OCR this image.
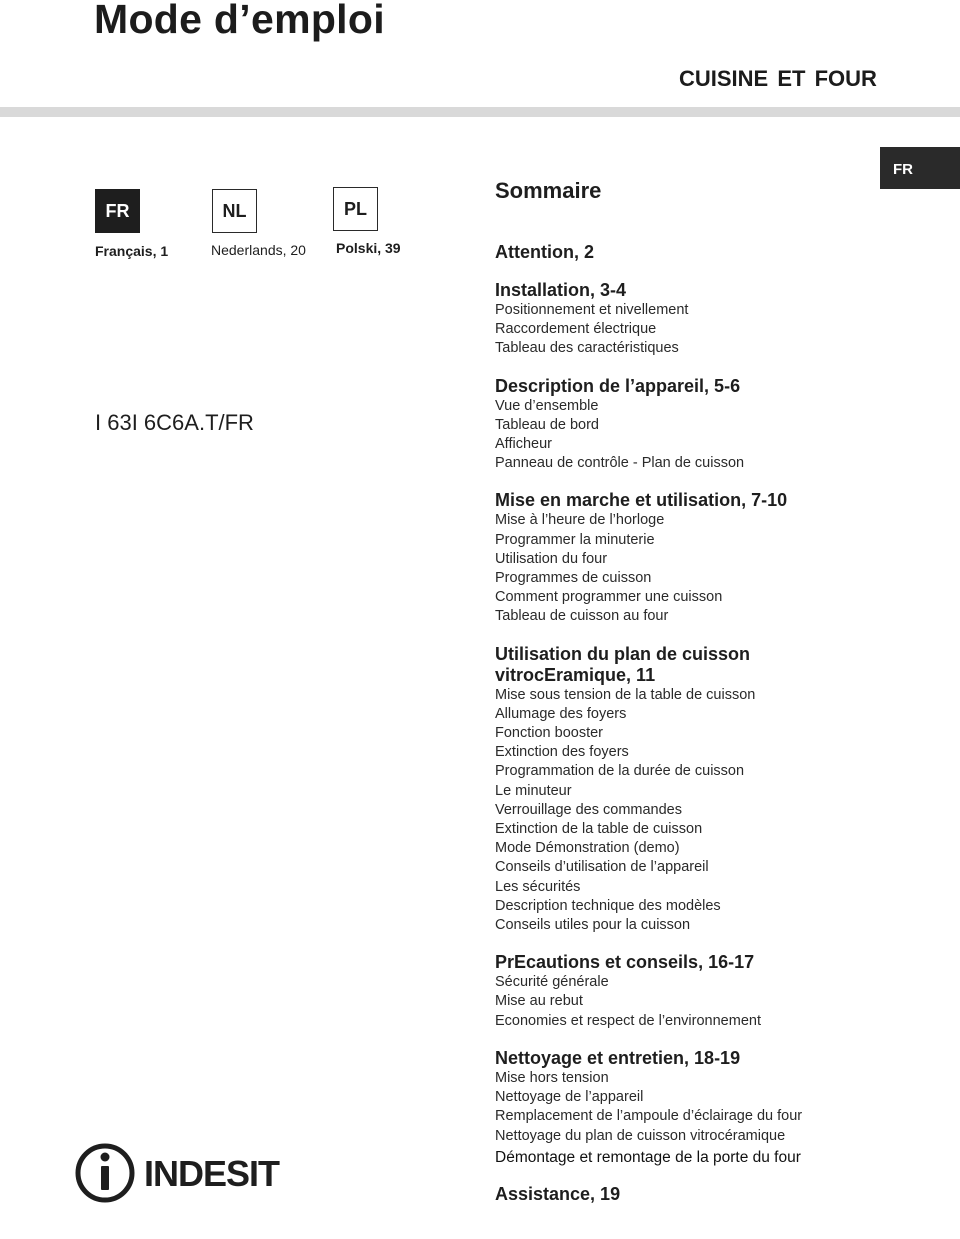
Mode d’emploi
CUISINE ET FOUR
FR
FR	NL	PL
Français, 1	Nederlands, 20 Polski, 39
I 63I 6C6A.T/FR
Sommaire
Attention, 2
Installation, 3-4
Positionnement et nivellement
Raccordement électrique
Tableau des caractéristiques
Description de l’appareil, 5-6
Vue d’ensemble
Tableau de bord
Afficheur
Panneau de contrôle - Plan de cuisson
Mise en marche et utilisation, 7-10
Mise à l’heure de l’horloge
Programmer la minuterie
Utilisation du four
Programmes de cuisson
Comment programmer une cuisson
Tableau de cuisson au four
Utilisation du plan de cuisson
vitrocEramique, 11
Mise sous tension de la table de cuisson
Allumage des foyers
Fonction booster
Extinction des foyers
Programmation de la durée de cuisson
Le minuteur
Verrouillage des commandes
Extinction de la table de cuisson
Mode Démonstration (demo)
Conseils d’utilisation de l’appareil
Les sécurités
Description technique des modèles
Conseils utiles pour la cuisson
PrEcautions et conseils, 16-17
Sécurité générale
Mise au rebut
Economies et respect de l’environnement
Nettoyage et entretien, 18-19
Mise hors tension
Nettoyage de l’appareil
Remplacement de l’ampoule d’éclairage du four
Nettoyage du plan de cuisson vitrocéramique
Démontage et remontage de la porte du four
Assistance, 19
INDESIT
